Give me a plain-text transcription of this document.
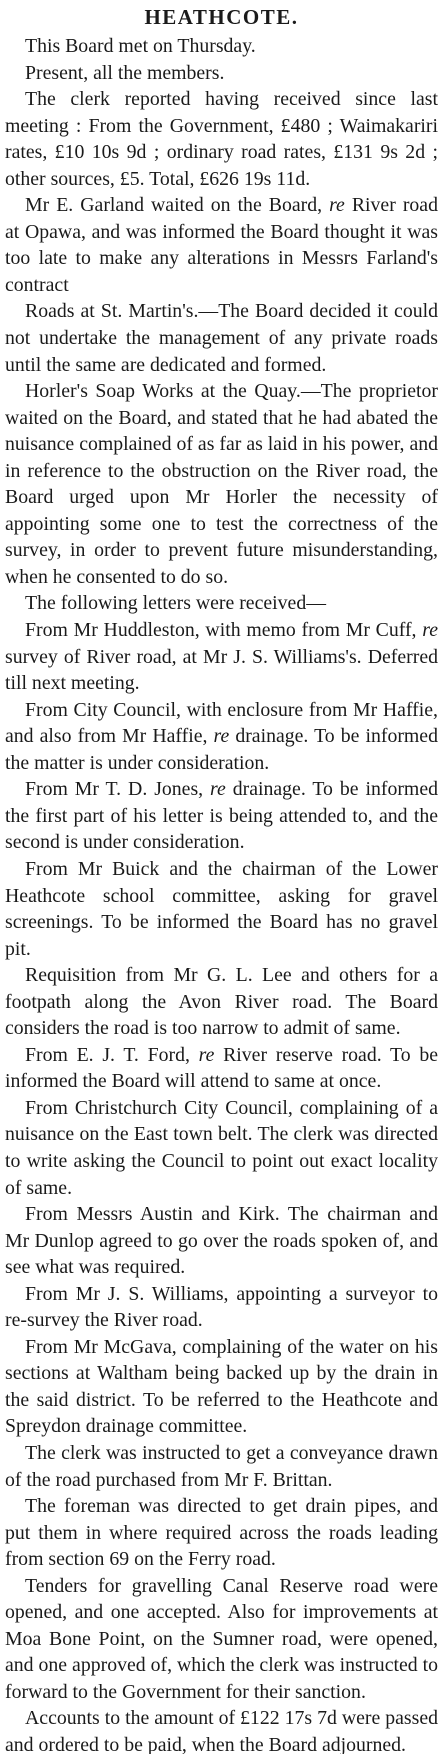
HEATHCOTE.

This Board met on Thursday.

Present, all the members.

The clerk reported having received since last meeting : From the Government, £480 ; Waimakariri rates, £10 10s 9d ; ordinary road rates, £131 9s 2d ; other sources, £5. Total, £626 19s 11d.

Mr E. Garland waited on the Board, re River road at Opawa, and was informed the Board thought it was too late to make any alterations in Messrs Farland's contract

Roads at St. Martin's.—The Board decided it could not undertake the management of any private roads until the same are dedicated and formed.

Horler's Soap Works at the Quay.—The proprietor waited on the Board, and stated that he had abated the nuisance complained of as far as laid in his power, and in reference to the obstruction on the River road, the Board urged upon Mr Horler the necessity of appointing some one to test the correctness of the survey, in order to prevent future misunderstanding, when he consented to do so.

The following letters were received—

From Mr Huddleston, with memo from Mr Cuff, re survey of River road, at Mr J. S. Williams's. Deferred till next meeting.

From City Council, with enclosure from Mr Haffie, and also from Mr Haffie, re drainage. To be informed the matter is under consideration.

From Mr T. D. Jones, re drainage. To be informed the first part of his letter is being attended to, and the second is under consideration.

From Mr Buick and the chairman of the Lower Heathcote school committee, asking for gravel screenings. To be informed the Board has no gravel pit.

Requisition from Mr G. L. Lee and others for a footpath along the Avon River road. The Board considers the road is too narrow to admit of same.

From E. J. T. Ford, re River reserve road. To be informed the Board will attend to same at once.

From Christchurch City Council, complaining of a nuisance on the East town belt. The clerk was directed to write asking the Council to point out exact locality of same.

From Messrs Austin and Kirk. The chairman and Mr Dunlop agreed to go over the roads spoken of, and see what was required.

From Mr J. S. Williams, appointing a surveyor to re-survey the River road.

From Mr McGava, complaining of the water on his sections at Waltham being backed up by the drain in the said district. To be referred to the Heathcote and Spreydon drainage committee.

The clerk was instructed to get a conveyance drawn of the road purchased from Mr F. Brittan.

The foreman was directed to get drain pipes, and put them in where required across the roads leading from section 69 on the Ferry road.

Tenders for gravelling Canal Reserve road were opened, and one accepted. Also for improvements at Moa Bone Point, on the Sumner road, were opened, and one approved of, which the clerk was instructed to forward to the Government for their sanction.

Accounts to the amount of £122 17s 7d were passed and ordered to be paid, when the Board adjourned.
